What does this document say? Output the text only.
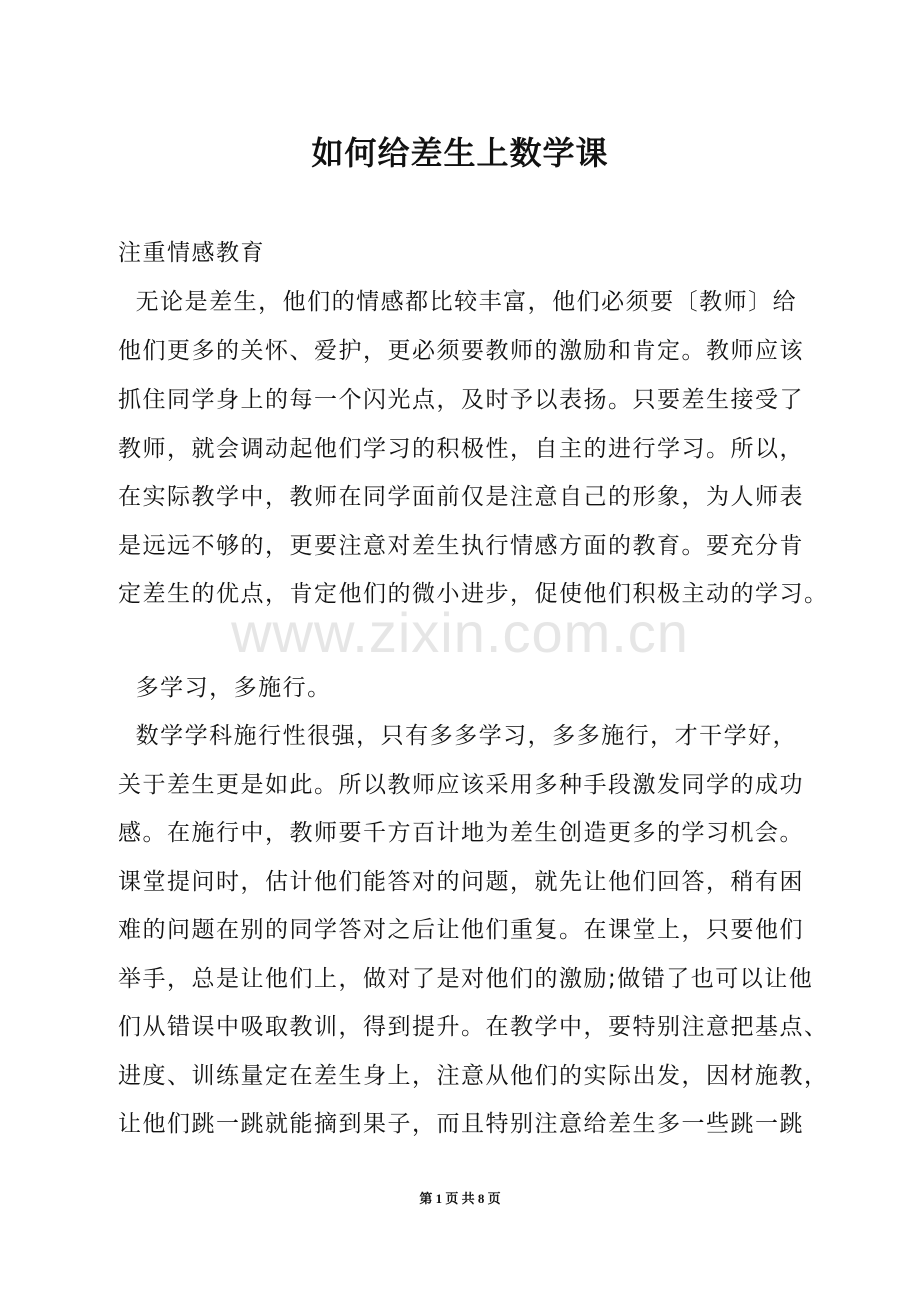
如何给差生上数学课
www.zixin.com.cn
注重情感教育
无论是差生，他们的情感都比较丰富，他们必须要〔教师〕给
他们更多的关怀、爱护，更必须要教师的激励和肯定。教师应该
抓住同学身上的每一个闪光点，及时予以表扬。只要差生接受了
教师，就会调动起他们学习的积极性，自主的进行学习。所以，
在实际教学中，教师在同学面前仅是注意自己的形象，为人师表
是远远不够的，更要注意对差生执行情感方面的教育。要充分肯
定差生的优点，肯定他们的微小进步，促使他们积极主动的学习。
多学习，多施行。
数学学科施行性很强，只有多多学习，多多施行，才干学好，
关于差生更是如此。所以教师应该采用多种手段激发同学的成功
感。在施行中，教师要千方百计地为差生创造更多的学习机会。
课堂提问时，估计他们能答对的问题，就先让他们回答，稍有困
难的问题在别的同学答对之后让他们重复。在课堂上，只要他们
举手，总是让他们上，做对了是对他们的激励;做错了也可以让他
们从错误中吸取教训，得到提升。在教学中，要特别注意把基点、
进度、训练量定在差生身上，注意从他们的实际出发，因材施教，
让他们跳一跳就能摘到果子，而且特别注意给差生多一些跳一跳
第 1 页 共 8 页
